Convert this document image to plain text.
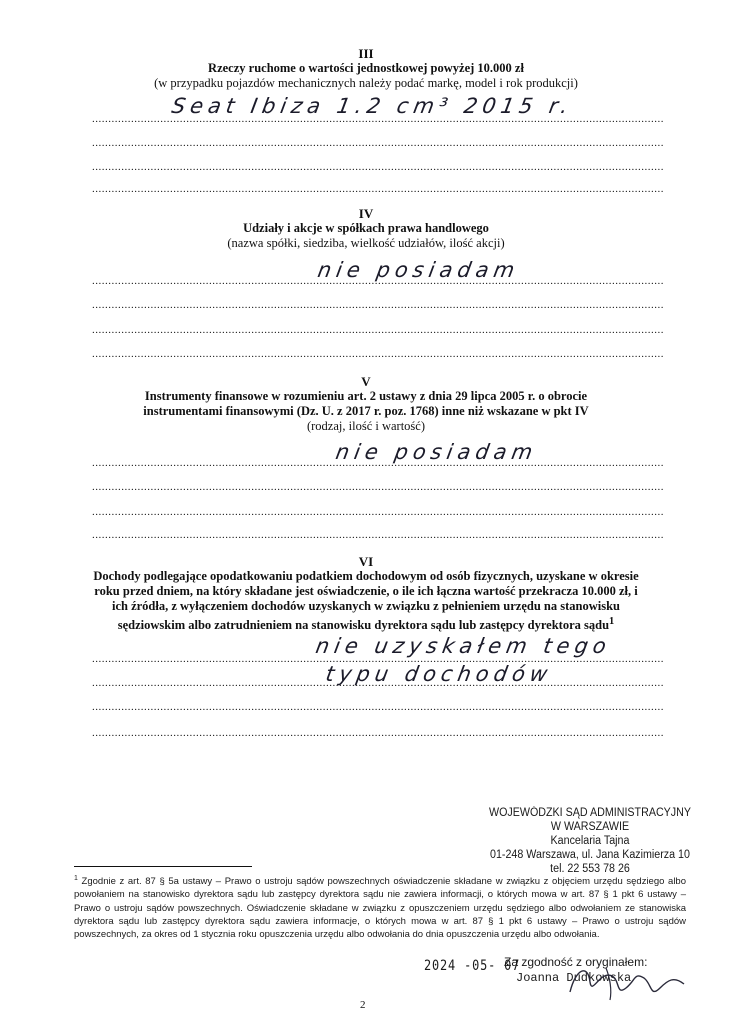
III
Rzeczy ruchome o wartości jednostkowej powyżej 10.000 zł
(w przypadku pojazdów mechanicznych należy podać markę, model i rok produkcji)
.....
.....
.....
.....
Seat Ibiza 1.2 cm³ 2015 r.
IV
Udziały i akcje w spółkach prawa handlowego
(nazwa spółki, siedziba, wielkość udziałów, ilość akcji)
.....
.....
.....
.....
nie posiadam
V
Instrumenty finansowe w rozumieniu art. 2 ustawy z dnia 29 lipca 2005 r. o obrocie
instrumentami finansowymi (Dz. U. z 2017 r. poz. 1768) inne niż wskazane w pkt IV
(rodzaj, ilość i wartość)
.....
.....
.....
.....
nie posiadam
VI
Dochody podlegające opodatkowaniu podatkiem dochodowym od osób fizycznych, uzyskane w okresie
roku przed dniem, na który składane jest oświadczenie, o ile ich łączna wartość przekracza 10.000 zł, i
ich źródła, z wyłączeniem dochodów uzyskanych w związku z pełnieniem urzędu na stanowisku
sędziowskim albo zatrudnieniem na stanowisku dyrektora sądu lub zastępcy dyrektora sądu$^1$
.....
.....
.....
.....
nie uzyskałem tego
typu dochodów
WOJEWÓDZKI SĄD ADMINISTRACYJNY
W WARSZAWIE
Kancelaria Tajna
01-248 Warszawa, ul. Jana Kazimierza 10
tel. 22 553 78 26
$^1$ Zgodnie z art. 87 § 5a ustawy – Prawo o ustroju sądów powszechnych oświadczenie składane w związku z objęciem urzędu sędziego albo powołaniem na stanowisko dyrektora sądu lub zastępcy dyrektora sądu nie zawiera informacji, o których mowa w art. 87 § 1 pkt 6 ustawy – Prawo o ustroju sądów powszechnych. Oświadczenie składane w związku z opuszczeniem urzędu sędziego albo odwołaniem ze stanowiska dyrektora sądu lub zastępcy dyrektora sądu zawiera informacje, o których mowa w art. 87 § 1 pkt 6 ustawy – Prawo o ustroju sądów powszechnych, za okres od 1 stycznia roku opuszczenia urzędu albo odwołania do dnia opuszczenia urzędu albo odwołania.
2024 -05- 07
Za zgodność z oryginałem:
Joanna Dudkowska
2
